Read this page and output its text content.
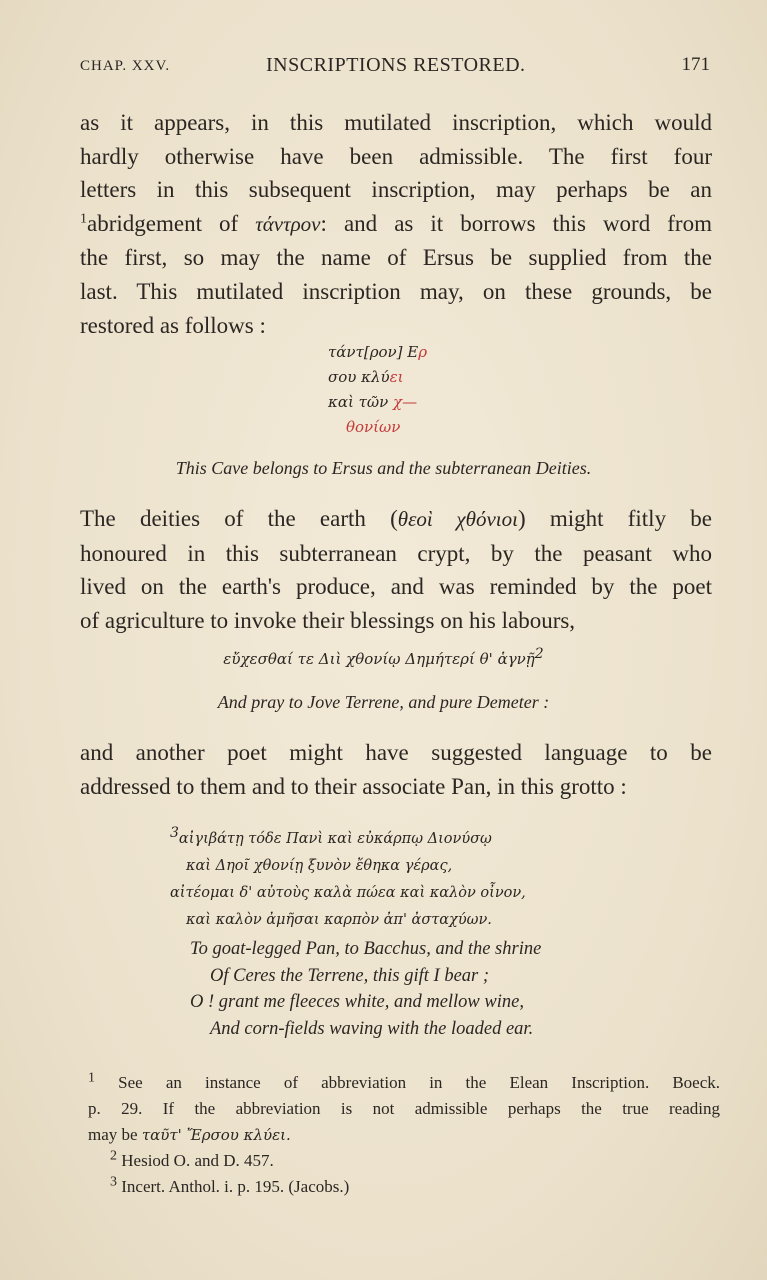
CHAP. XXV.	INSCRIPTIONS RESTORED.	171

as it appears, in this mutilated inscription, which would
hardly otherwise have been admissible. The first four
letters in this subsequent inscription, may perhaps be an
$^1$abridgement of τάντρον: and as it borrows this word from
the first, so may the name of Ersus be supplied from the
last. This mutilated inscription may, on these grounds, be
restored as follows :

τάντ[ρον] Ερ
σου κλύει
καὶ τῶν χ—
θονίων
This Cave belongs to Ersus and the subterranean Deities.

The deities of the earth (θεοὶ χθόνιοι) might fitly be
honoured in this subterranean crypt, by the peasant who
lived on the earth's produce, and was reminded by the poet
of agriculture to invoke their blessings on his labours,

εὔχεσθαί τε Διὶ χθονίῳ Δημήτερί θ' ἁγνῇ2
And pray to Jove Terrene, and pure Demeter :

and another poet might have suggested language to be
addressed to them and to their associate Pan, in this grotto :

3αἰγιβάτῃ τόδε Πανὶ καὶ εὐκάρπῳ Διονύσῳ
καὶ Δηοῖ χθονίῃ ξυνὸν ἔθηκα γέρας,
αἰτέομαι δ' αὐτοὺς καλὰ πώεα καὶ καλὸν οἶνον,
καὶ καλὸν ἀμῆσαι καρπὸν ἀπ' ἀσταχύων.
To goat-legged Pan, to Bacchus, and the shrine
Of Ceres the Terrene, this gift I bear ;
O ! grant me fleeces white, and mellow wine,
And corn-fields waving with the loaded ear.
$^1$ See an instance of abbreviation in the Elean Inscription. Boeck.
p. 29. If the abbreviation is not admissible perhaps the true reading
may be ταῦτ' Ἔρσου κλύει.
$^2$ Hesiod O. and D. 457.
$^3$ Incert. Anthol. i. p. 195. (Jacobs.)
